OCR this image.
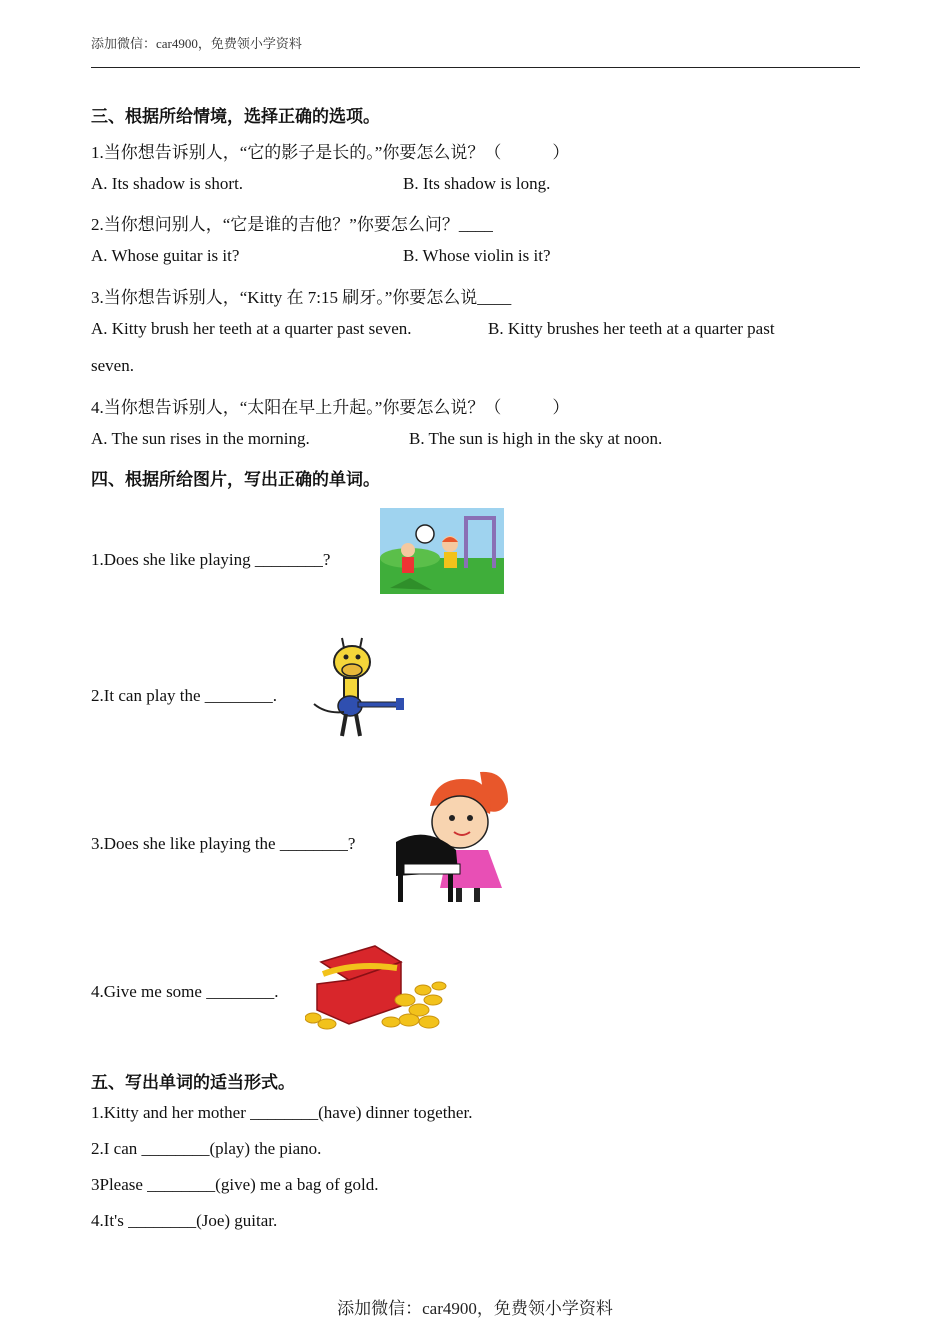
添加微信：car4900，免费领小学资料
三、根据所给情境，选择正确的选项。
1.当你想告诉别人，“它的影子是长的。”你要怎么说？（　　　）
A. Its shadow is short.	B. Its shadow is long.
2.当你想问别人，“它是谁的吉他？”你要怎么问？____
A. Whose guitar is it?	B. Whose violin is it?
3.当你想告诉别人，“Kitty 在 7:15 刷牙。”你要怎么说____
A. Kitty brush her teeth at a quarter past seven.	B. Kitty brushes her teeth at a quarter past
seven.
4.当你想告诉别人，“太阳在早上升起。”你要怎么说？（　　　）
A. The sun rises in the morning.	B. The sun is high in the sky at noon.
四、根据所给图片，写出正确的单词。
1.Does she like playing ________?
2.It can play the ________.
3.Does she like playing the ________?
4.Give me some ________.
五、写出单词的适当形式。
1.Kitty and her mother ________(have) dinner together.
2.I can ________(play) the piano.
3Please ________(give) me a bag of gold.
4.It's ________(Joe) guitar.
添加微信：car4900，免费领小学资料
